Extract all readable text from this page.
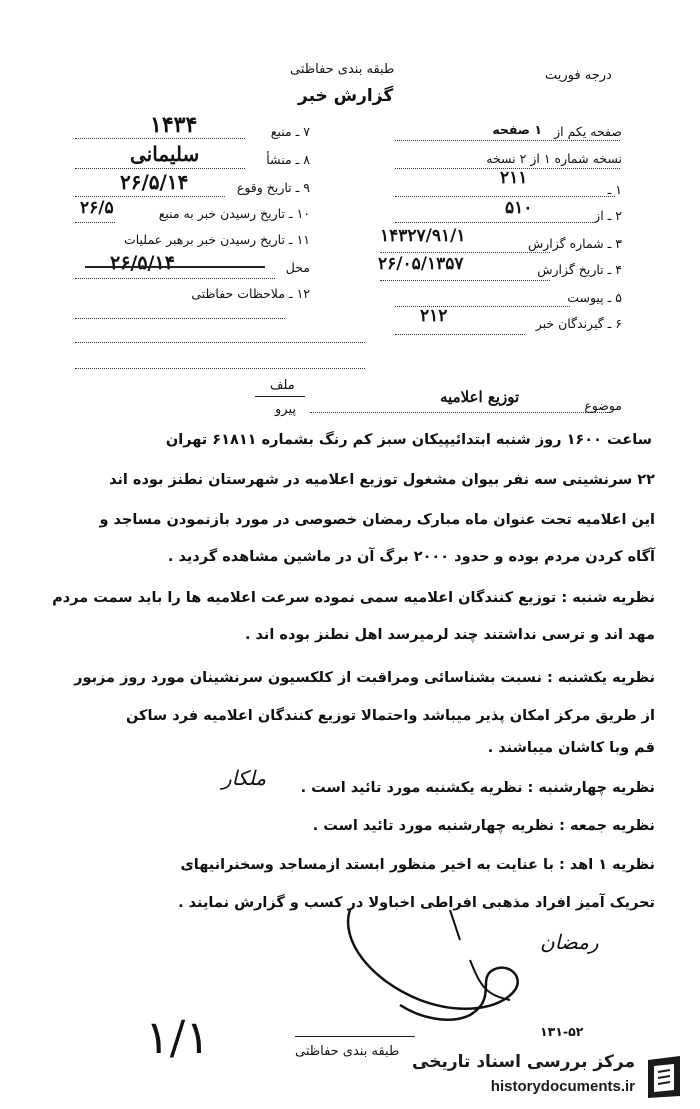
طبقه بندی حفاظتی
گزارش خبر
درجه فوریت
صفحه یکم از
۱ صفحه
نسخه شماره ۱ از ۲ نسخه
۱ ـ
۲۱۱
۲ ـ از
۵۱۰
۳ ـ شماره گزارش
۱۴۳۲۷/۹۱/۱
۴ ـ تاریخ گزارش
۲۶/۰۵/۱۳۵۷
۵ ـ پیوست
۶ ـ گیرندگان خبر
۲۱۲
۷ ـ منبع
۱۴۳۴
۸ ـ منشأ
سلیمانی
۹ ـ تاریخ وقوع
۲۶/۵/۱۴
۱۰ ـ تاریخ رسیدن خبر به منبع
۲۶/۵
۱۱ ـ تاریخ رسیدن خبر برهبر عملیات
محل
۲۶/۵/۱۴
۱۲ ـ ملاحظات حفاظتی
ملف
پیرو	موضوع
توزیع اعلامیه
ساعت ۱۶۰۰ روز شنبه ابتدائیپیکان سبز کم رنگ بشماره ۶۱۸۱۱ تهران
۲۲ سرنشینی سه نفر بیوان مشغول توزیع اعلامیه در شهرستان نطنز بوده اند
این اعلامیه تحت عنوان ماه مبارک رمضان خصوصی در مورد بازنمودن مساجد و
آگاه کردن مردم بوده و حدود ۲۰۰۰ برگ آن در ماشین مشاهده گردید .
نظریه شنبه : توزیع کنندگان اعلامیه سمی نموده سرعت اعلامیه ها را باید سمت مردم
مهد اند و ترسی نداشتند چند لرمیرسد اهل نطنز بوده اند .
نظریه یکشنبه : نسبت بشناسائی ومراقبت از کلکسیون سرنشینان مورد روز مزبور
از طریق مرکز امکان پذیر میباشد واحتمالا توزیع کنندگان اعلامیه فرد ساکن
قم وبا کاشان میباشند .
نظریه چهارشنبه : نظریه یکشنبه مورد تائید است .
ملکار
نظریه جمعه : نظریه چهارشنبه مورد تائید است .
نظریه ۱ اهد : با عنایت به اخیر منظور ابستد ازمساجد وسخنرانیهای
تحریک آمیز افراد مذهبی افراطی اخباولا در کسب و گزارش نمایند .
رمضان
۱/۱	طبقه بندی حفاظتی
۱۳۱-۵۲
مرکز بررسی اسناد تاریخی
historydocuments.ir
